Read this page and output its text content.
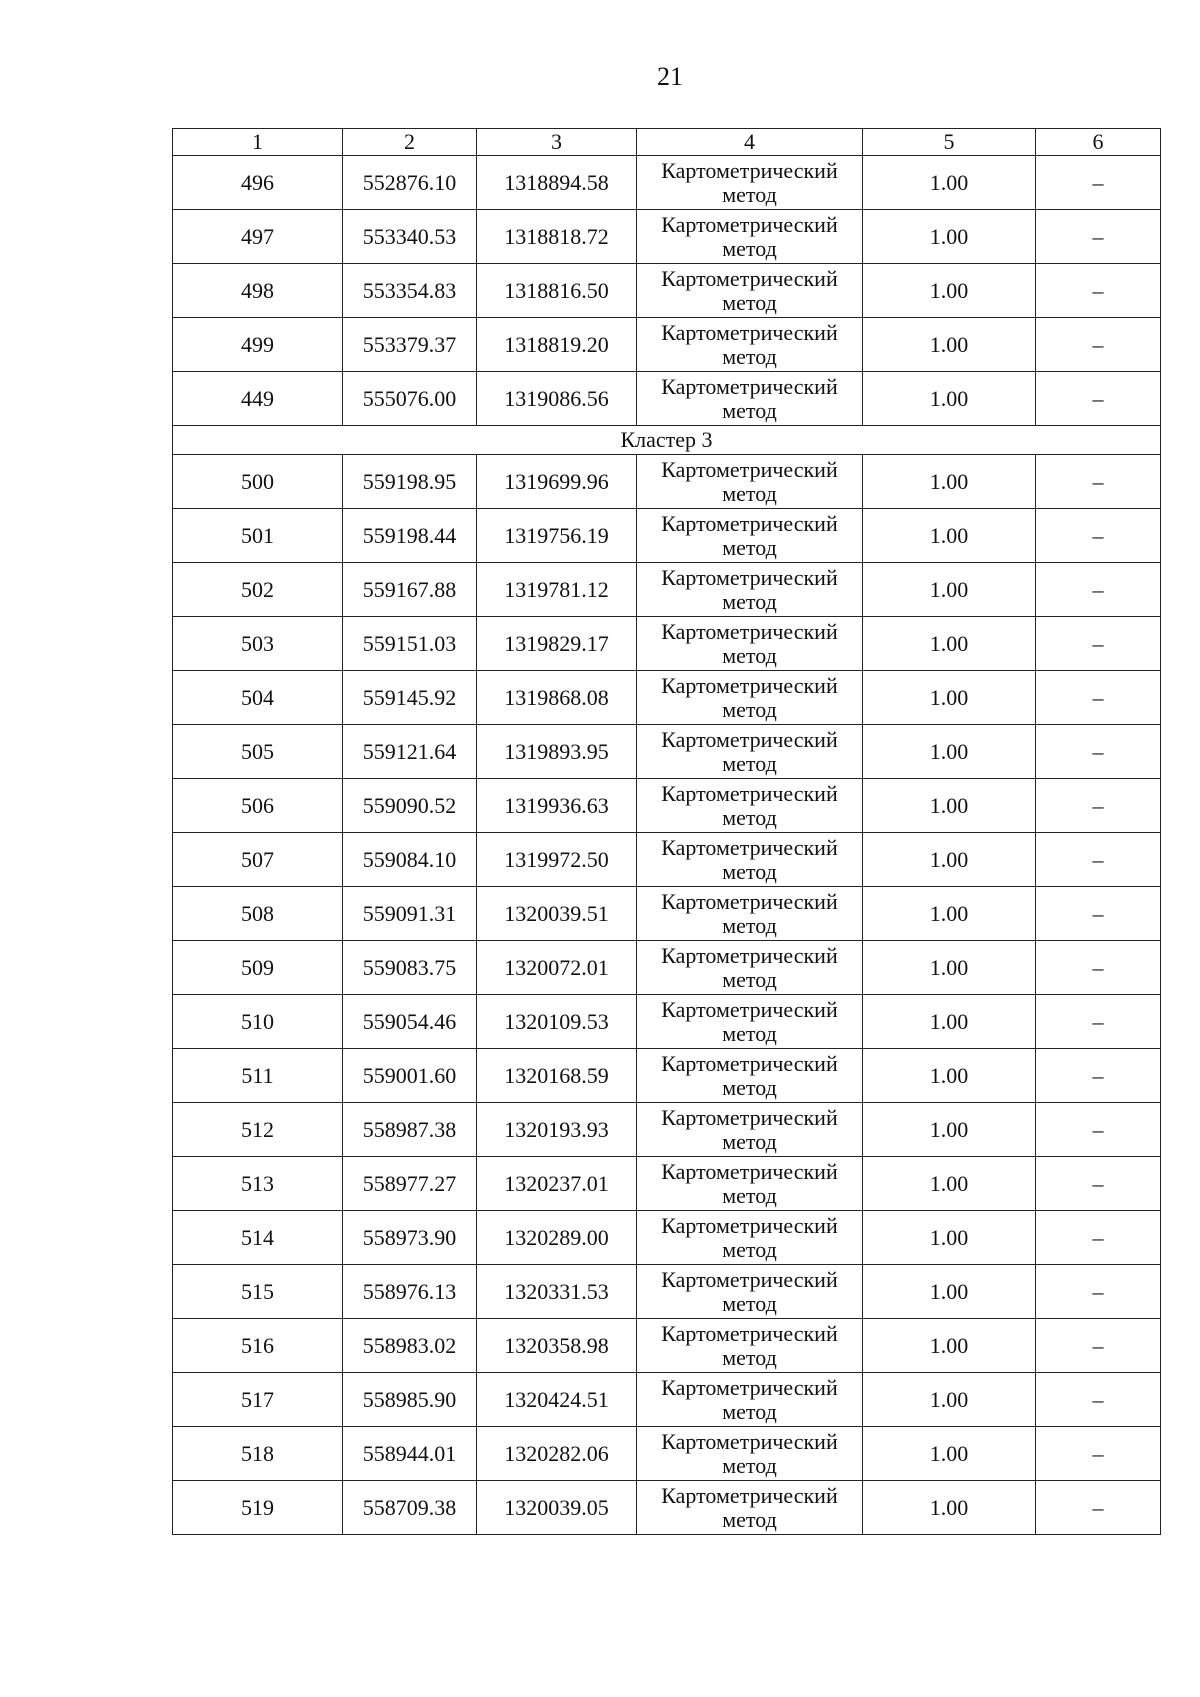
21
1	2	3	4	5	6
496	552876.10	1318894.58	Картометрический
метод	1.00	–
497	553340.53	1318818.72	Картометрический
метод	1.00	–
498	553354.83	1318816.50	Картометрический
метод	1.00	–
499	553379.37	1318819.20	Картометрический
метод	1.00	–
449	555076.00	1319086.56	Картометрический
метод	1.00	–
Кластер 3					
500	559198.95	1319699.96	Картометрический
метод	1.00	–
501	559198.44	1319756.19	Картометрический
метод	1.00	–
502	559167.88	1319781.12	Картометрический
метод	1.00	–
503	559151.03	1319829.17	Картометрический
метод	1.00	–
504	559145.92	1319868.08	Картометрический
метод	1.00	–
505	559121.64	1319893.95	Картометрический
метод	1.00	–
506	559090.52	1319936.63	Картометрический
метод	1.00	–
507	559084.10	1319972.50	Картометрический
метод	1.00	–
508	559091.31	1320039.51	Картометрический
метод	1.00	–
509	559083.75	1320072.01	Картометрический
метод	1.00	–
510	559054.46	1320109.53	Картометрический
метод	1.00	–
511	559001.60	1320168.59	Картометрический
метод	1.00	–
512	558987.38	1320193.93	Картометрический
метод	1.00	–
513	558977.27	1320237.01	Картометрический
метод	1.00	–
514	558973.90	1320289.00	Картометрический
метод	1.00	–
515	558976.13	1320331.53	Картометрический
метод	1.00	–
516	558983.02	1320358.98	Картометрический
метод	1.00	–
517	558985.90	1320424.51	Картометрический
метод	1.00	–
518	558944.01	1320282.06	Картометрический
метод	1.00	–
519	558709.38	1320039.05	Картометрический
метод	1.00	–
